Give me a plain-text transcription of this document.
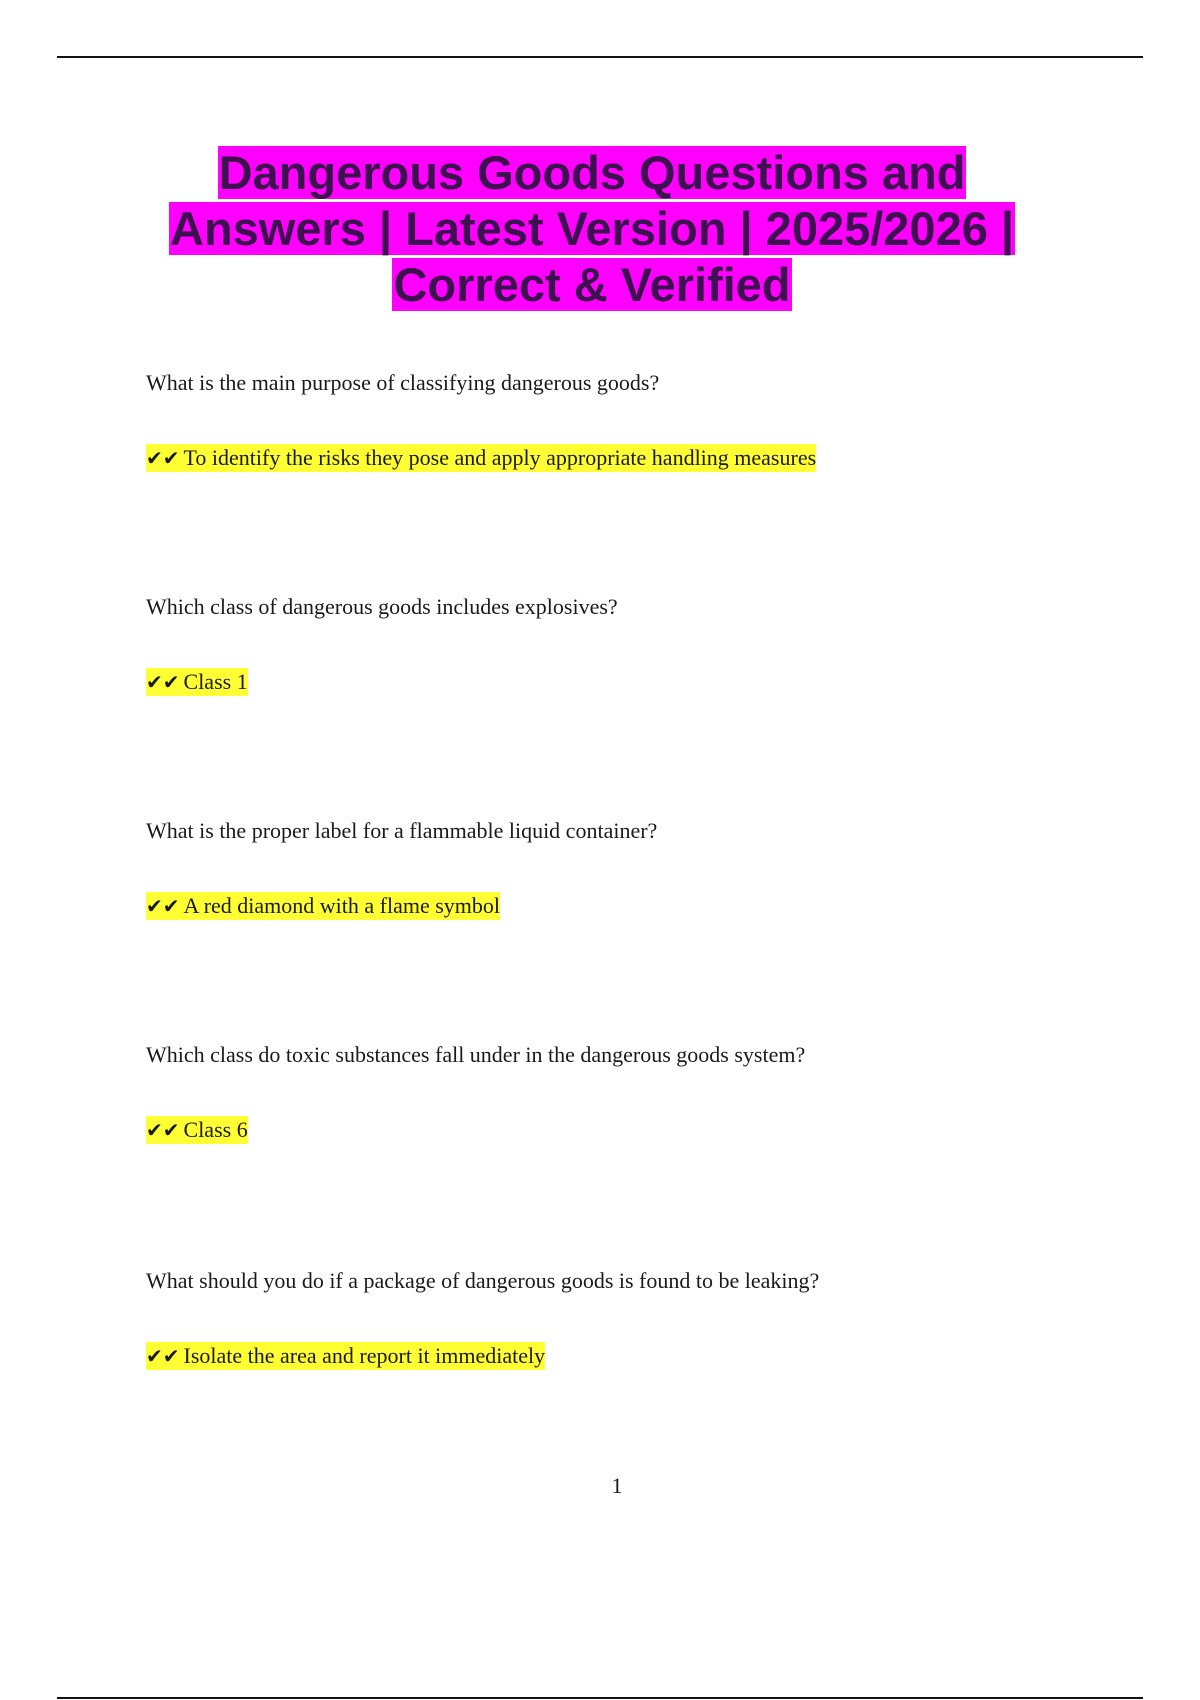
Dangerous Goods Questions and Answers | Latest Version | 2025/2026 | Correct & Verified

What is the main purpose of classifying dangerous goods?

✔✔ To identify the risks they pose and apply appropriate handling measures

Which class of dangerous goods includes explosives?

✔✔ Class 1

What is the proper label for a flammable liquid container?

✔✔ A red diamond with a flame symbol

Which class do toxic substances fall under in the dangerous goods system?

✔✔ Class 6

What should you do if a package of dangerous goods is found to be leaking?

✔✔ Isolate the area and report it immediately

1
